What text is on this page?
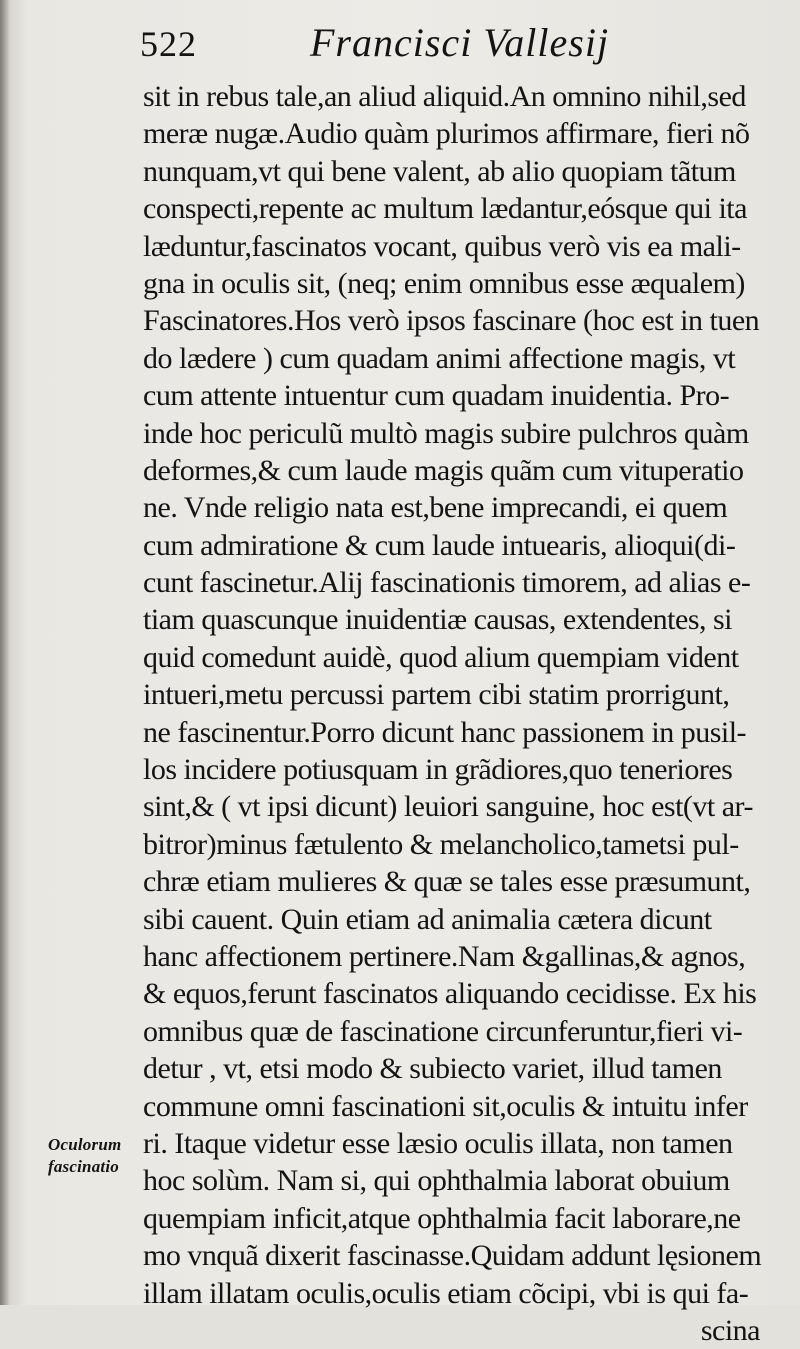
522	Francisci Vallesij
sit in rebus tale,an aliud aliquid.An omnino nihil,sed
meræ nugæ.Audio quàm plurimos affirmare, fieri nõ
nunquam,vt qui bene valent, ab alio quopiam tãtum
conspecti,repente ac multum lædantur,eósque qui ita
læduntur,fascinatos vocant, quibus verò vis ea mali-
gna in oculis sit, (neq; enim omnibus esse æqualem)
Fascinatores.Hos verò ipsos fascinare (hoc est in tuen
do lædere ) cum quadam animi affectione magis, vt
cum attente intuentur cum quadam inuidentia. Pro-
inde hoc periculũ multò magis subire pulchros quàm
deformes,& cum laude magis quãm cum vituperatio
ne. Vnde religio nata est,bene imprecandi, ei quem
cum admiratione & cum laude intuearis, alioqui(di-
cunt fascinetur.Alij fascinationis timorem, ad alias e-
tiam quascunque inuidentiæ causas, extendentes, si
quid comedunt auidè, quod alium quempiam vident
intueri,metu percussi partem cibi statim prorrigunt,
ne fascinentur.Porro dicunt hanc passionem in pusil-
los incidere potiusquam in grãdiores,quo teneriores
sint,& ( vt ipsi dicunt) leuiori sanguine, hoc est(vt ar-
bitror)minus fætulento & melancholico,tametsi pul-
chræ etiam mulieres & quæ se tales esse præsumunt,
sibi cauent. Quin etiam ad animalia cætera dicunt
hanc affectionem pertinere.Nam &gallinas,& agnos,
& equos,ferunt fascinatos aliquando cecidisse. Ex his
omnibus quæ de fascinatione circunferuntur,fieri vi-
detur , vt, etsi modo & subiecto variet, illud tamen
commune omni fascinationi sit,oculis & intuitu infer
ri. Itaque videtur esse læsio oculis illata, non tamen
hoc solùm. Nam si, qui ophthalmia laborat obuium
quempiam inficit,atque ophthalmia facit laborare,ne
mo vnquã dixerit fascinasse.Quidam addunt lęsionem
illam illatam oculis,oculis etiam cõcipi, vbi is qui fa-
scina
Oculorum
fascinatio
